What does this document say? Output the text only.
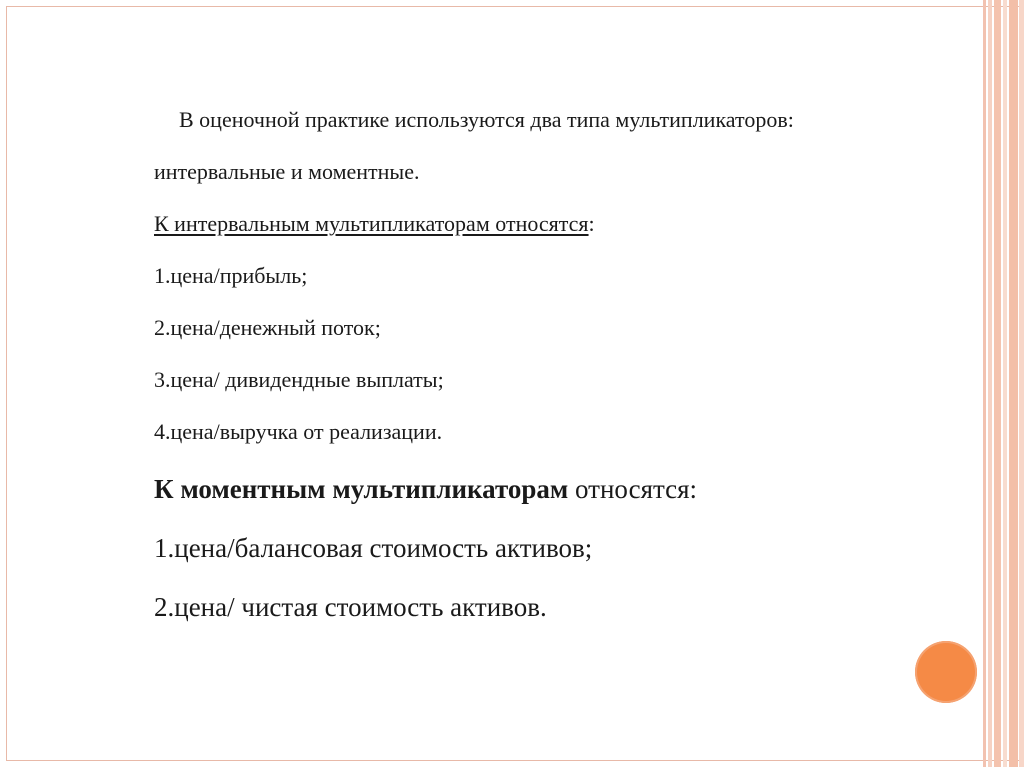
В оценочной практике используются два типа мультипликаторов:

интервальные и моментные.

К интервальным мультипликаторам относятся:

1.цена/прибыль;

2.цена/денежный поток;

3.цена/ дивидендные выплаты;

4.цена/выручка от реализации.

К моментным мультипликаторам относятся:

1.цена/балансовая стоимость активов;

2.цена/ чистая стоимость активов.
